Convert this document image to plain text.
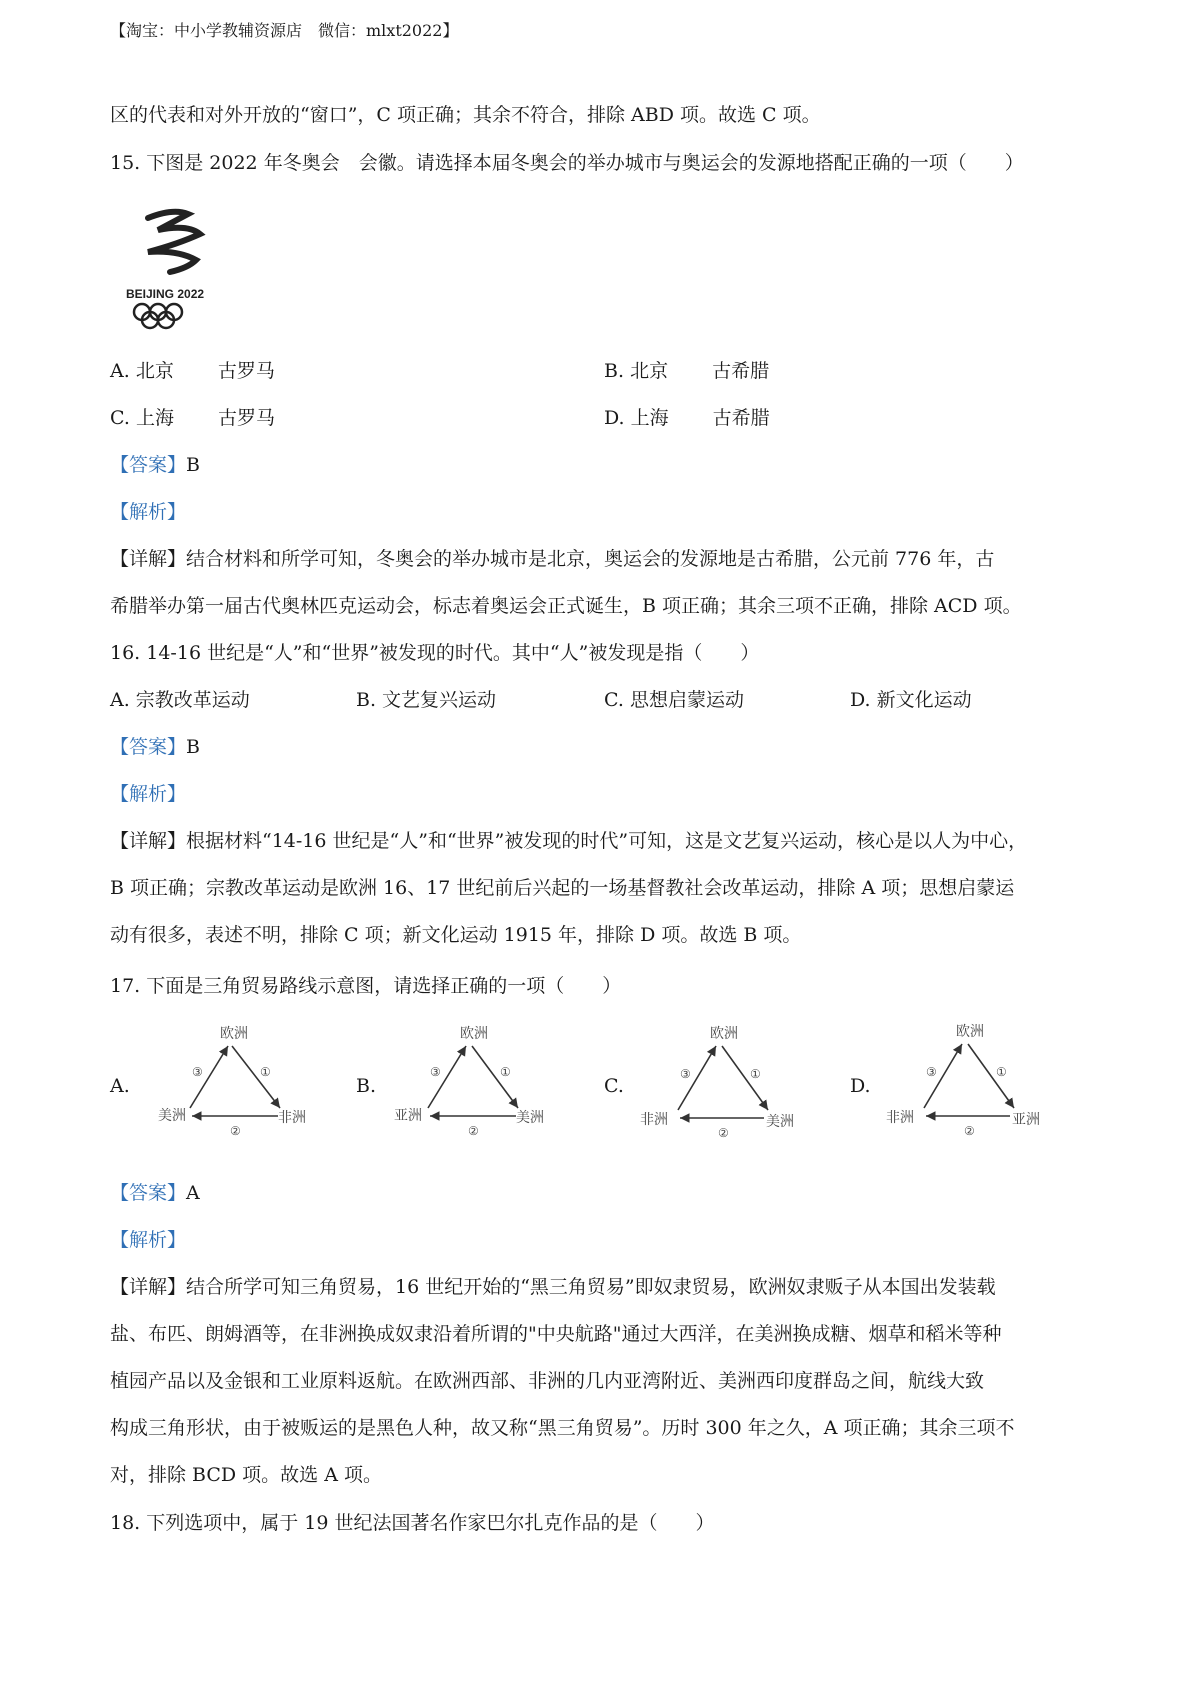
【淘宝：中小学教辅资源店　微信：mlxt2022】
区的代表和对外开放的“窗口”，C 项正确；其余不符合，排除 ABD 项。故选 C 项。
15. 下图是 2022 年冬奥会　会徽。请选择本届冬奥会的举办城市与奥运会的发源地搭配正确的一项（　　）
BEIJING 2022
A. 北京 古罗马	B. 北京 古希腊
C. 上海 古罗马	D. 上海 古希腊
【答案】B
【解析】
【详解】结合材料和所学可知，冬奥会的举办城市是北京，奥运会的发源地是古希腊，公元前 776 年，古
希腊举办第一届古代奥林匹克运动会，标志着奥运会正式诞生，B 项正确；其余三项不正确，排除 ACD 项。
16. 14-16 世纪是“人”和“世界”被发现的时代。其中“人”被发现是指（　　）
A. 宗教改革运动	B. 文艺复兴运动	C. 思想启蒙运动	D. 新文化运动
【答案】B
【解析】
【详解】根据材料“14-16 世纪是“人”和“世界”被发现的时代”可知，这是文艺复兴运动，核心是以人为中心，
B 项正确；宗教改革运动是欧洲 16、17 世纪前后兴起的一场基督教社会改革运动，排除 A 项；思想启蒙运
动有很多，表述不明，排除 C 项；新文化运动 1915 年，排除 D 项。故选 B 项。
17. 下面是三角贸易路线示意图，请选择正确的一项（　　）
A.	B.	C.	D.
欧洲
美洲	非洲
①
②
③
欧洲
亚洲	美洲
①
②
③
欧洲
非洲	美洲
①
②
③
欧洲
非洲	亚洲
①
②
③
【答案】A
【解析】
【详解】结合所学可知三角贸易，16 世纪开始的“黑三角贸易”即奴隶贸易，欧洲奴隶贩子从本国出发装载
盐、布匹、朗姆酒等，在非洲换成奴隶沿着所谓的"中央航路"通过大西洋，在美洲换成糖、烟草和稻米等种
植园产品以及金银和工业原料返航。在欧洲西部、非洲的几内亚湾附近、美洲西印度群岛之间，航线大致
构成三角形状，由于被贩运的是黑色人种，故又称“黑三角贸易”。历时 300 年之久，A 项正确；其余三项不
对，排除 BCD 项。故选 A 项。
18. 下列选项中，属于 19 世纪法国著名作家巴尔扎克作品的是（　　）
